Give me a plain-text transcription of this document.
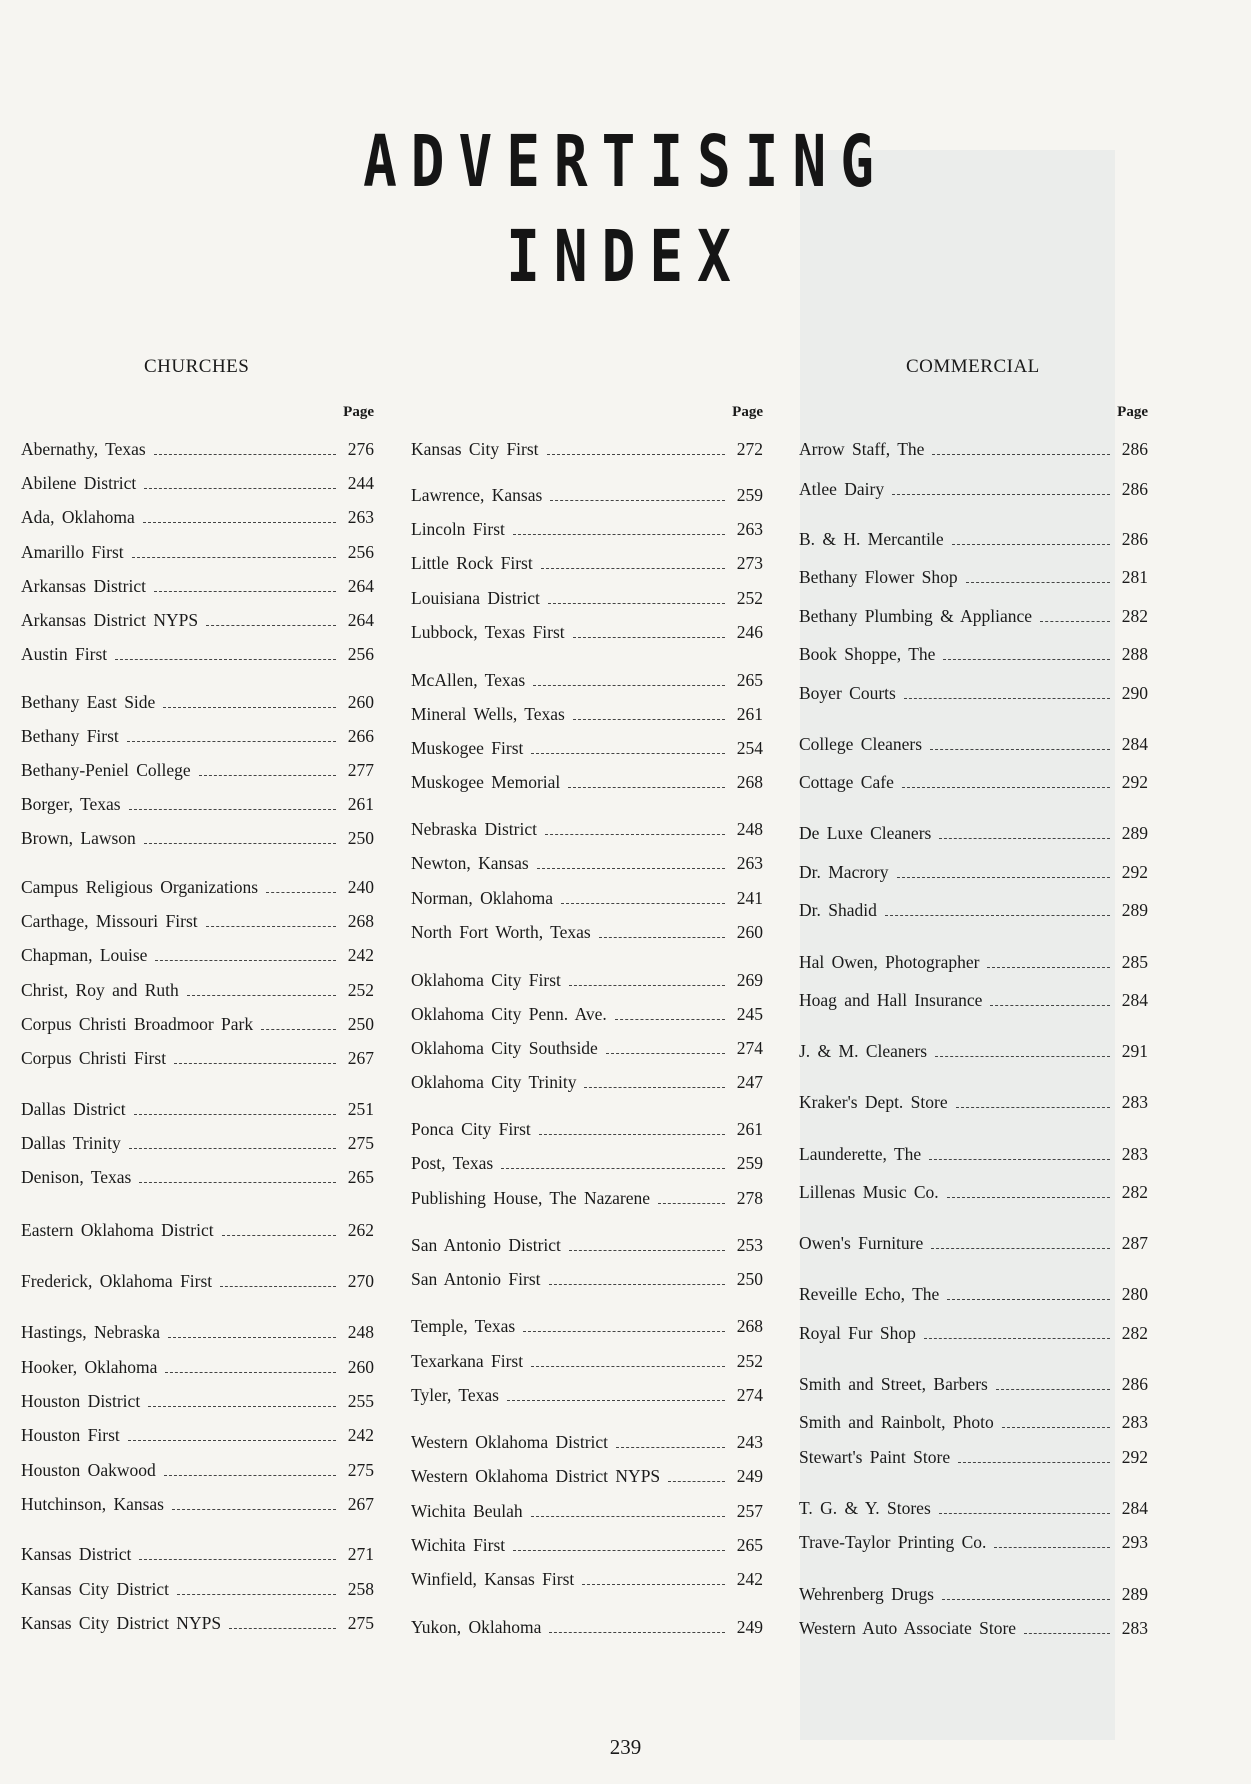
ADVERTISING
INDEX
CHURCHES	COMMERCIAL
Page
Abernathy, Texas	276
Abilene District	244
Ada, Oklahoma	263
Amarillo First	256
Arkansas District	264
Arkansas District NYPS	264
Austin First	256
Bethany East Side	260
Bethany First	266
Bethany-Peniel College	277
Borger, Texas	261
Brown, Lawson	250
Campus Religious Organizations	240
Carthage, Missouri First	268
Chapman, Louise	242
Christ, Roy and Ruth	252
Corpus Christi Broadmoor Park	250
Corpus Christi First	267
Dallas District	251
Dallas Trinity	275
Denison, Texas	265
Eastern Oklahoma District	262
Frederick, Oklahoma First	270
Hastings, Nebraska	248
Hooker, Oklahoma	260
Houston District	255
Houston First	242
Houston Oakwood	275
Hutchinson, Kansas	267
Kansas District	271
Kansas City District	258
Kansas City District NYPS	275
Page
Kansas City First	272
Lawrence, Kansas	259
Lincoln First	263
Little Rock First	273
Louisiana District	252
Lubbock, Texas First	246
McAllen, Texas	265
Mineral Wells, Texas	261
Muskogee First	254
Muskogee Memorial	268
Nebraska District	248
Newton, Kansas	263
Norman, Oklahoma	241
North Fort Worth, Texas	260
Oklahoma City First	269
Oklahoma City Penn. Ave.	245
Oklahoma City Southside	274
Oklahoma City Trinity	247
Ponca City First	261
Post, Texas	259
Publishing House, The Nazarene	278
San Antonio District	253
San Antonio First	250
Temple, Texas	268
Texarkana First	252
Tyler, Texas	274
Western Oklahoma District	243
Western Oklahoma District NYPS	249
Wichita Beulah	257
Wichita First	265
Winfield, Kansas First	242
Yukon, Oklahoma	249
Page
Arrow Staff, The	286
Atlee Dairy	286
B. & H. Mercantile	286
Bethany Flower Shop	281
Bethany Plumbing & Appliance	282
Book Shoppe, The	288
Boyer Courts	290
College Cleaners	284
Cottage Cafe	292
De Luxe Cleaners	289
Dr. Macrory	292
Dr. Shadid	289
Hal Owen, Photographer	285
Hoag and Hall Insurance	284
J. & M. Cleaners	291
Kraker's Dept. Store	283
Launderette, The	283
Lillenas Music Co.	282
Owen's Furniture	287
Reveille Echo, The	280
Royal Fur Shop	282
Smith and Street, Barbers	286
Smith and Rainbolt, Photo	283
Stewart's Paint Store	292
T. G. & Y. Stores	284
Trave-Taylor Printing Co.	293
Wehrenberg Drugs	289
Western Auto Associate Store	283
239
